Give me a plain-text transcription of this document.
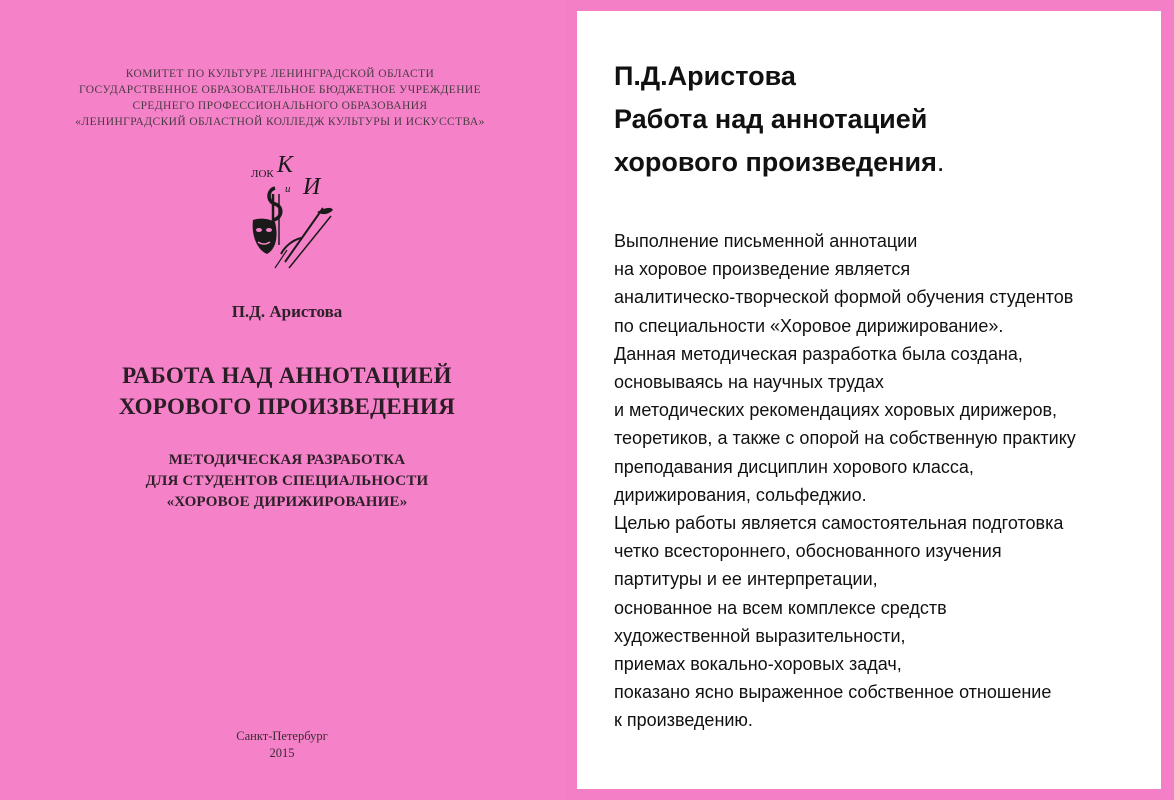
КОМИТЕТ ПО КУЛЬТУРЕ ЛЕНИНГРАДСКОЙ ОБЛАСТИ
ГОСУДАРСТВЕННОЕ ОБРАЗОВАТЕЛЬНОЕ БЮДЖЕТНОЕ УЧРЕЖДЕНИЕ
СРЕДНЕГО ПРОФЕССИОНАЛЬНОГО ОБРАЗОВАНИЯ
«ЛЕНИНГРАДСКИЙ ОБЛАСТНОЙ КОЛЛЕДЖ КУЛЬТУРЫ И ИСКУССТВА»
ЛОК К
и И
П.Д. Аристова
РАБОТА НАД АННОТАЦИЕЙ
ХОРОВОГО ПРОИЗВЕДЕНИЯ
МЕТОДИЧЕСКАЯ РАЗРАБОТКА
ДЛЯ СТУДЕНТОВ СПЕЦИАЛЬНОСТИ
«ХОРОВОЕ ДИРИЖИРОВАНИЕ»
Санкт-Петербург
2015
П.Д.Аристова
Работа над аннотацией
хорового произведения.
Выполнение письменной аннотации
на хоровое произведение является
аналитическо-творческой формой обучения студентов
по специальности «Хоровое дирижирование».
Данная методическая разработка была создана,
основываясь на научных трудах
и методических рекомендациях хоровых дирижеров,
теоретиков, а также с опорой на собственную практику
преподавания дисциплин хорового класса,
дирижирования, сольфеджио.
Целью работы является самостоятельная подготовка
четко всестороннего, обоснованного изучения
партитуры и ее интерпретации,
основанное на всем комплексе средств
художественной выразительности,
приемах вокально-хоровых задач,
показано ясно выраженное собственное отношение
к произведению.
